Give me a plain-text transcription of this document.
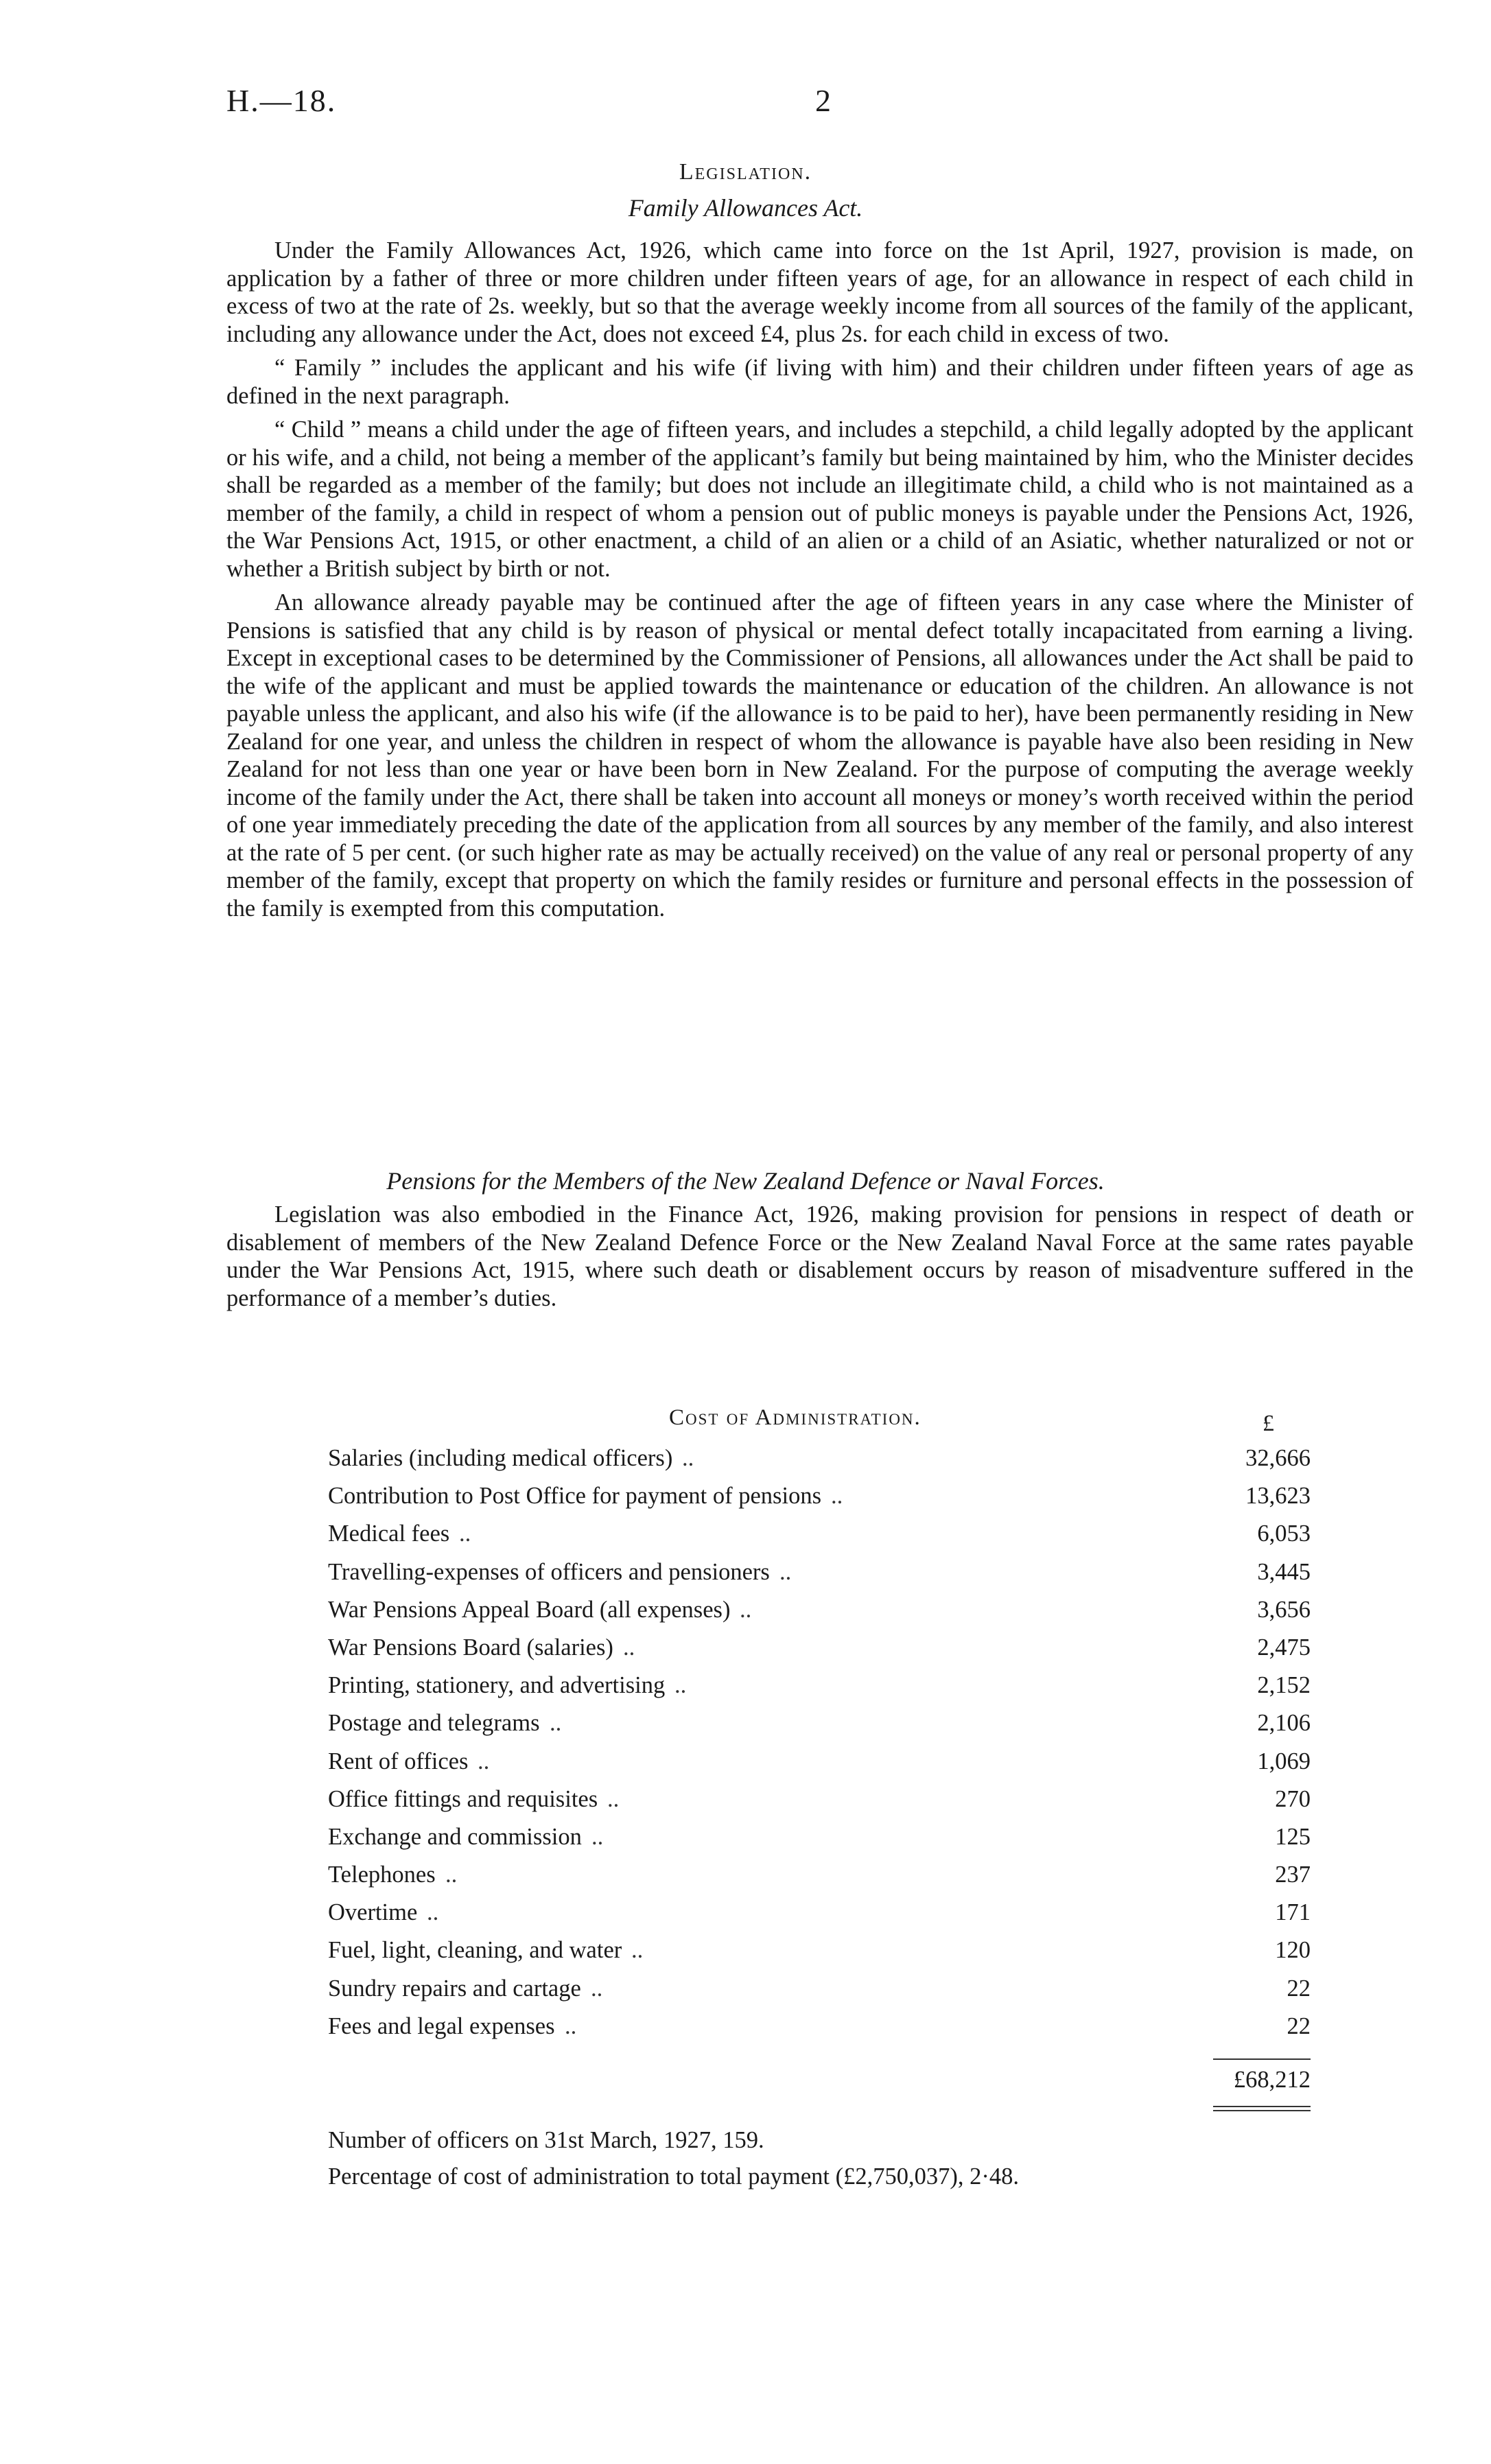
H.—18.	2
Legislation.
Family Allowances Act.

Under the Family Allowances Act, 1926, which came into force on the 1st April, 1927, provision is made, on application by a father of three or more children under fifteen years of age, for an allowance in respect of each child in excess of two at the rate of 2s. weekly, but so that the average weekly income from all sources of the family of the applicant, including any allowance under the Act, does not exceed £4, plus 2s. for each child in excess of two.

“ Family ” includes the applicant and his wife (if living with him) and their children under fifteen years of age as defined in the next paragraph.

“ Child ” means a child under the age of fifteen years, and includes a stepchild, a child legally adopted by the applicant or his wife, and a child, not being a member of the applicant’s family but being maintained by him, who the Minister decides shall be regarded as a member of the family; but does not include an illegitimate child, a child who is not maintained as a member of the family, a child in respect of whom a pension out of public moneys is payable under the Pensions Act, 1926, the War Pensions Act, 1915, or other enactment, a child of an alien or a child of an Asiatic, whether naturalized or not or whether a British subject by birth or not.

An allowance already payable may be continued after the age of fifteen years in any case where the Minister of Pensions is satisfied that any child is by reason of physical or mental defect totally incapacitated from earning a living. Except in exceptional cases to be determined by the Commissioner of Pensions, all allowances under the Act shall be paid to the wife of the applicant and must be applied towards the maintenance or education of the children. An allowance is not payable unless the applicant, and also his wife (if the allowance is to be paid to her), have been permanently residing in New Zealand for one year, and unless the children in respect of whom the allowance is payable have also been residing in New Zealand for not less than one year or have been born in New Zealand. For the purpose of computing the average weekly income of the family under the Act, there shall be taken into account all moneys or money’s worth received within the period of one year immediately preceding the date of the application from all sources by any member of the family, and also interest at the rate of 5 per cent. (or such higher rate as may be actually received) on the value of any real or personal property of any member of the family, except that property on which the family resides or furniture and personal effects in the possession of the family is exempted from this computation.

Pensions for the Members of the New Zealand Defence or Naval Forces.

Legislation was also embodied in the Finance Act, 1926, making provision for pensions in respect of death or disablement of members of the New Zealand Defence Force or the New Zealand Naval Force at the same rates payable under the War Pensions Act, 1915, where such death or disablement occurs by reason of misadventure suffered in the performance of a member’s duties.

Cost of Administration.	£
Salaries (including medical officers) ..	32,666
Contribution to Post Office for payment of pensions ..	13,623
Medical fees ..	6,053
Travelling-expenses of officers and pensioners ..	3,445
War Pensions Appeal Board (all expenses) ..	3,656
War Pensions Board (salaries) ..	2,475
Printing, stationery, and advertising ..	2,152
Postage and telegrams ..	2,106
Rent of offices ..	1,069
Office fittings and requisites ..	270
Exchange and commission ..	125
Telephones ..	237
Overtime ..	171
Fuel, light, cleaning, and water ..	120
Sundry repairs and cartage ..	22
Fees and legal expenses ..	22
£68,212
Number of officers on 31st March, 1927, 159.
Percentage of cost of administration to total payment (£2,750,037), 2·48.
